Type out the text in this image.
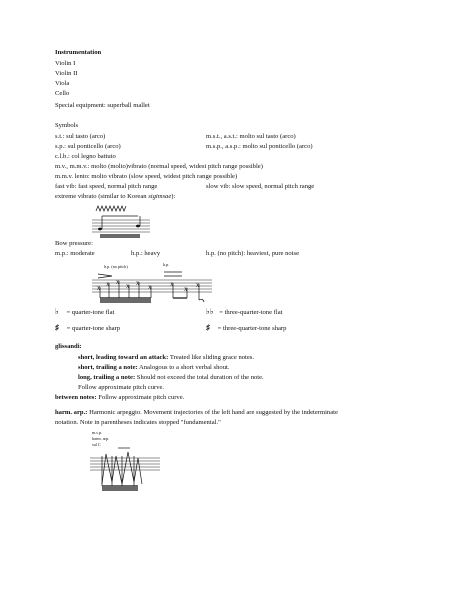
Instrumentation
Violin I
Violin II
Viola
Cello
Special equipment: superball mallet
Symbols
s.t.: sul tasto (arco)	m.s.t., a.s.t.: molto sul tasto (arco)
s.p.: sul ponticello (arco)	m.s.p., a.s.p.: molto sul ponticello (arco)
c.l.b.: col legno battuto
m.v., m.m.v.: molto (molto)vibrato (normal speed, widest pitch range possible)
m.m.v. lento: molto vibrato (slow speed, widest pitch range possible)
fast vib: fast speed, normal pitch range	slow vib: slow speed, normal pitch range
extreme vibrato (similar to Korean sigimsae):
Bow pressure:
m.p.: moderate	h.p.: heavy	h.p. (no pitch): heaviest, pure noise
h.p. (no pitch)	h.p.
x x x x x x	x
x x
♭ = quarter-tone flat	♭♭ = three-quarter-tone flat
♯ = quarter-tone sharp	♯ = three-quarter-tone sharp
glissandi:
short, leading toward an attack: Treated like sliding grace notes.
short, trailing a note: Analogous to a short verbal shout.
long, trailing a note: Should not exceed the total duration of the note.
Follow approximate pitch curve.
between notes: Follow approximate pitch curve.
harm. arp.: Harmonic arpeggio. Movement trajectories of the left hand are suggested by the indeterminate
notation. Note in parentheses indicates stopped "fundamental."
m.s.p.
harm. arp.
sul C
